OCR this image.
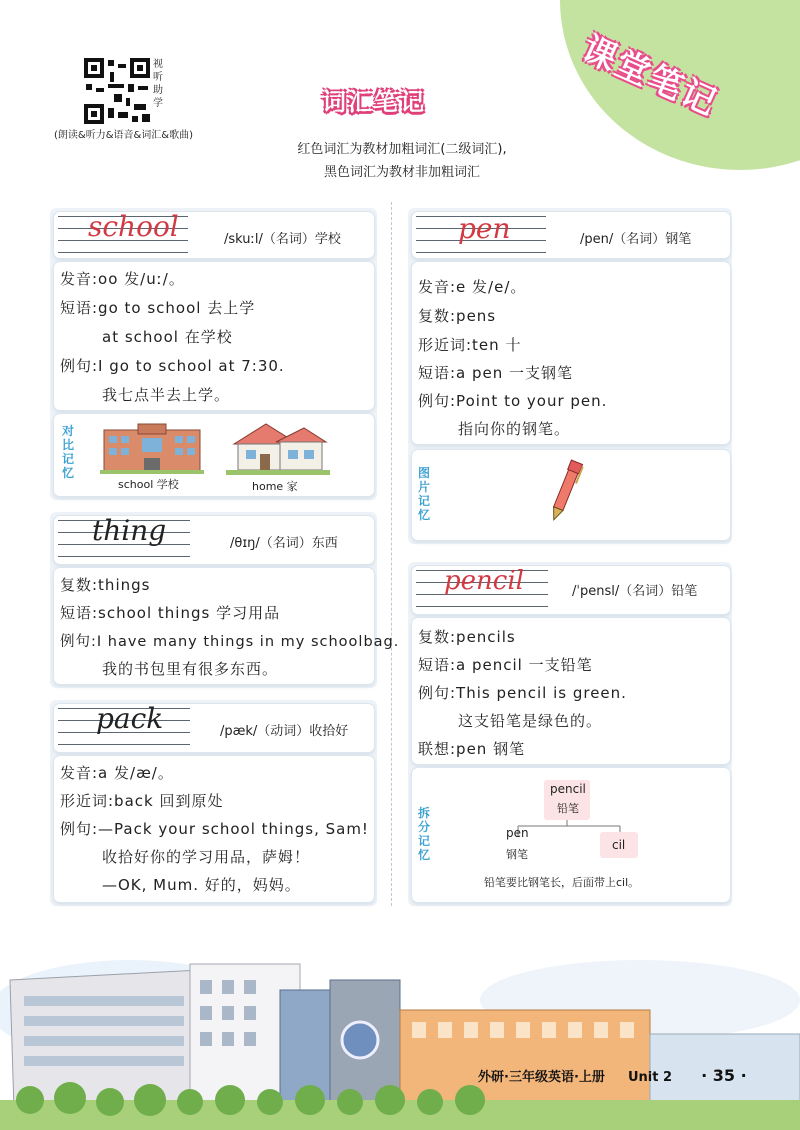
课堂笔记
视听助学
(朗读&听力&语音&词汇&歌曲)
词汇笔记
红色词汇为教材加粗词汇(二级词汇),
黑色词汇为教材非加粗词汇
school	/skuːl/（名词）学校
发音:oo 发/uː/。
短语:go to school 去上学
at school 在学校
例句:I go to school at 7:30.
我七点半去上学。
对比记忆
school 学校	home 家
thing	/θɪŋ/（名词）东西
复数:things
短语:school things 学习用品
例句:I have many things in my schoolbag.
我的书包里有很多东西。
pack	/pæk/（动词）收拾好
发音:a 发/æ/。
形近词:back 回到原处
例句:—Pack your school things, Sam!
收拾好你的学习用品，萨姆！
—OK, Mum. 好的，妈妈。
pen	/pen/（名词）钢笔
发音:e 发/e/。
复数:pens
形近词:ten 十
短语:a pen 一支钢笔
例句:Point to your pen.
指向你的钢笔。
图片记忆
pencil	/ˈpensl/（名词）铅笔
复数:pencils
短语:a pencil 一支铅笔
例句:This pencil is green.
这支铅笔是绿色的。
联想:pen 钢笔
拆分记忆
pencil
铅笔
pen
钢笔
cil
铅笔要比钢笔长，后面带上cil。
外研·三年级英语·上册 Unit 2 · 35 ·
